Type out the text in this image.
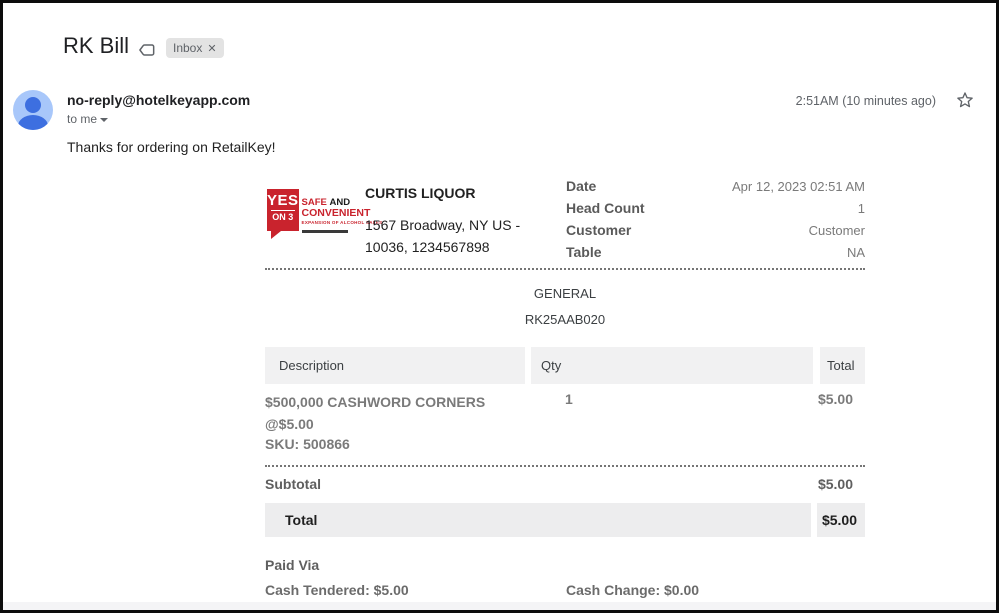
RK Bill	Inbox ✕
no-reply@hotelkeyapp.com
to me
2:51AM (10 minutes ago)
Thanks for ordering on RetailKey!
YES
ON 3
SAFE AND
CONVENIENT
EXPANSION OF ALCOHOL SALES
CURTIS LIQUOR
1567 Broadway, NY US -
10036, 1234567898
Date	Apr 12, 2023 02:51 AM
Head Count	1
Customer	Customer
Table	NA
GENERAL
RK25AAB020
Description	Qty	Total
$500,000 CASHWORD CORNERS
@$5.00
1	$5.00
SKU: 500866
Subtotal	$5.00
Total	$5.00
Paid Via
Cash Tendered: $5.00	Cash Change: $0.00
